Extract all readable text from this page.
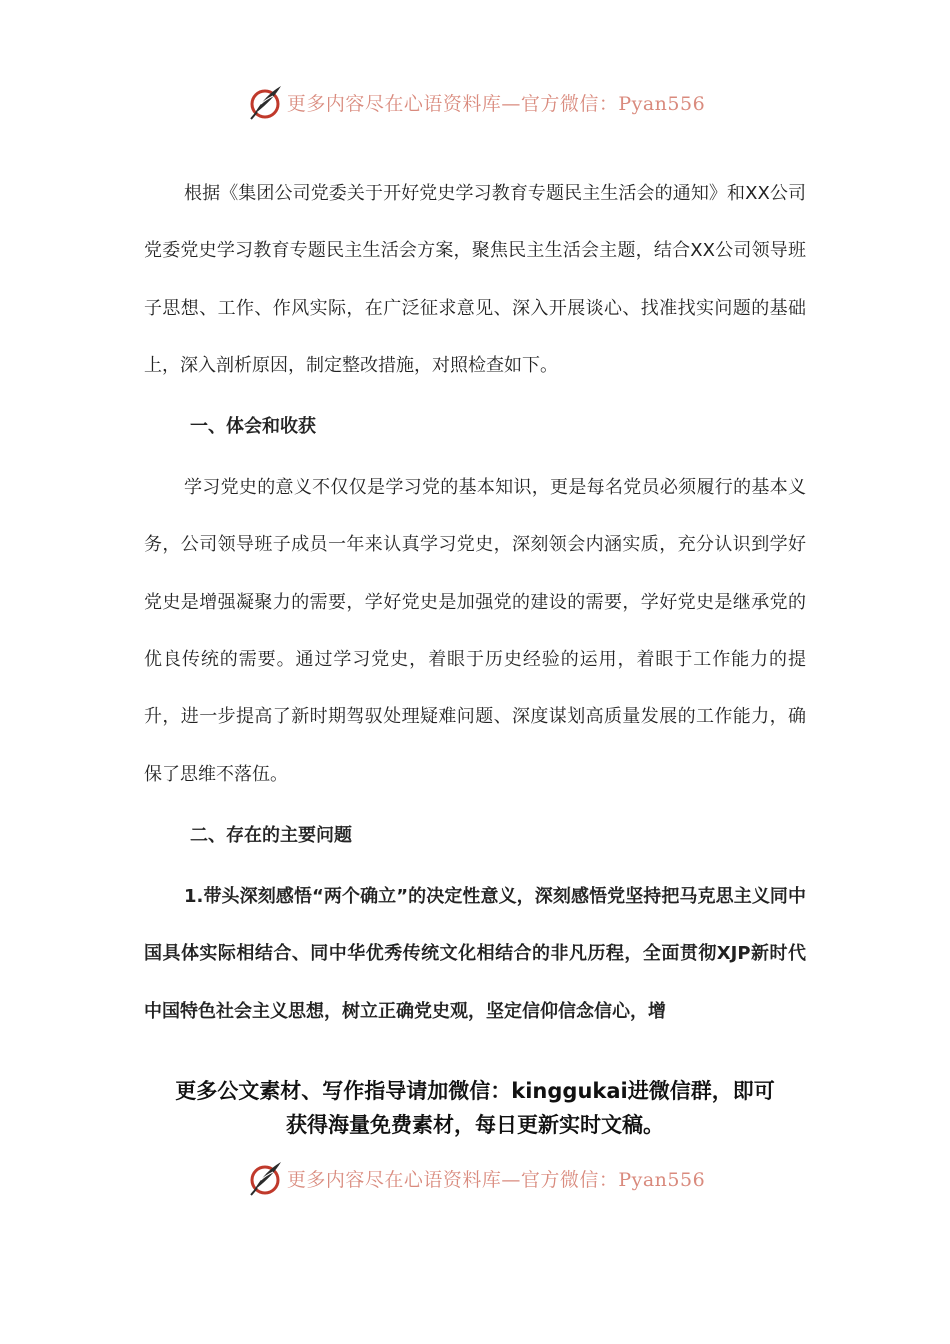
更多内容尽在心语资料库—官方微信：Pyan556

根据《集团公司党委关于开好党史学习教育专题民主生活会的通知》和XX公司党委党史学习教育专题民主生活会方案，聚焦民主生活会主题，结合XX公司领导班子思想、工作、作风实际，在广泛征求意见、深入开展谈心、找准找实问题的基础上，深入剖析原因，制定整改措施，对照检查如下。

一、体会和收获

学习党史的意义不仅仅是学习党的基本知识，更是每名党员必须履行的基本义务，公司领导班子成员一年来认真学习党史，深刻领会内涵实质，充分认识到学好党史是增强凝聚力的需要，学好党史是加强党的建设的需要，学好党史是继承党的优良传统的需要。通过学习党史，着眼于历史经验的运用，着眼于工作能力的提升，进一步提高了新时期驾驭处理疑难问题、深度谋划高质量发展的工作能力，确保了思维不落伍。

二、存在的主要问题

1.带头深刻感悟“两个确立”的决定性意义，深刻感悟党坚持把马克思主义同中国具体实际相结合、同中华优秀传统文化相结合的非凡历程，全面贯彻XJP新时代中国特色社会主义思想，树立正确党史观，坚定信仰信念信心，增

更多公文素材、写作指导请加微信：kinggukai进微信群，即可
获得海量免费素材，每日更新实时文稿。
更多内容尽在心语资料库—官方微信：Pyan556
